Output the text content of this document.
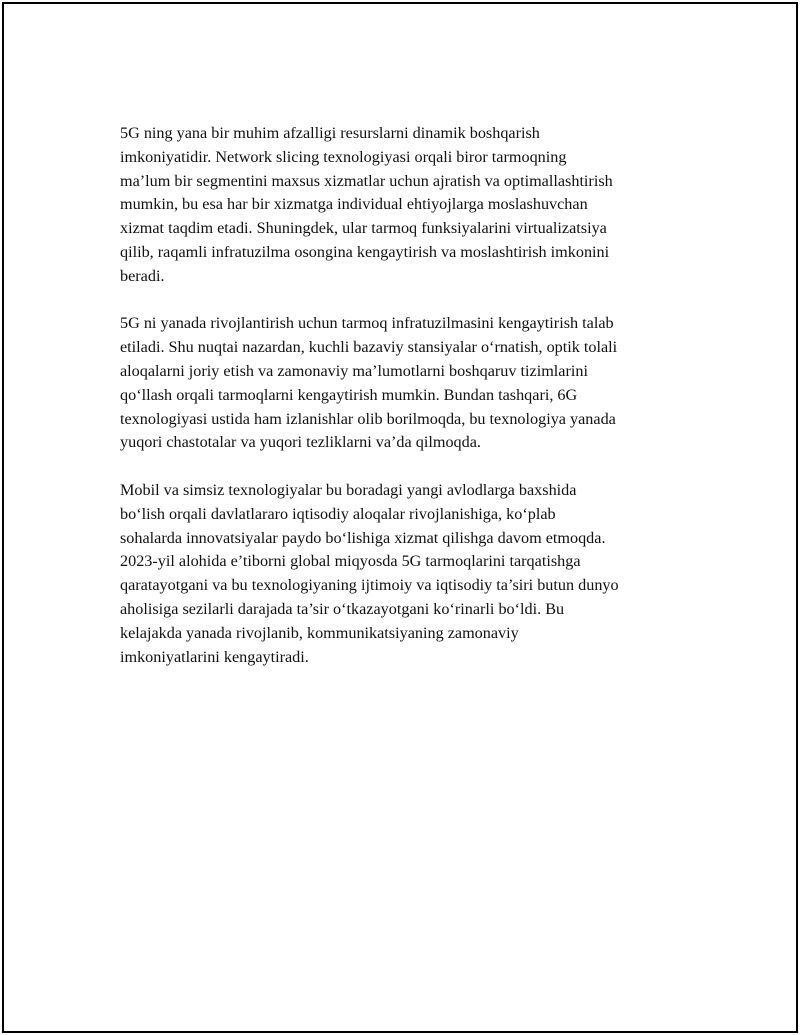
5G ning yana bir muhim afzalligi resurslarni dinamik boshqarish
imkoniyatidir. Network slicing texnologiyasi orqali biror tarmoqning
ma’lum bir segmentini maxsus xizmatlar uchun ajratish va optimallashtirish
mumkin, bu esa har bir xizmatga individual ehtiyojlarga moslashuvchan
xizmat taqdim etadi. Shuningdek, ular tarmoq funksiyalarini virtualizatsiya
qilib, raqamli infratuzilma osongina kengaytirish va moslashtirish imkonini
beradi.

5G ni yanada rivojlantirish uchun tarmoq infratuzilmasini kengaytirish talab
etiladi. Shu nuqtai nazardan, kuchli bazaviy stansiyalar o‘rnatish, optik tolali
aloqalarni joriy etish va zamonaviy ma’lumotlarni boshqaruv tizimlarini
qo‘llash orqali tarmoqlarni kengaytirish mumkin. Bundan tashqari, 6G
texnologiyasi ustida ham izlanishlar olib borilmoqda, bu texnologiya yanada
yuqori chastotalar va yuqori tezliklarni va’da qilmoqda.

Mobil va simsiz texnologiyalar bu boradagi yangi avlodlarga baxshida
bo‘lish orqali davlatlararo iqtisodiy aloqalar rivojlanishiga, ko‘plab
sohalarda innovatsiyalar paydo bo‘lishiga xizmat qilishga davom etmoqda.
2023-yil alohida e’tiborni global miqyosda 5G tarmoqlarini tarqatishga
qaratayotgani va bu texnologiyaning ijtimoiy va iqtisodiy ta’siri butun dunyo
aholisiga sezilarli darajada ta’sir o‘tkazayotgani ko‘rinarli bo‘ldi. Bu
kelajakda yanada rivojlanib, kommunikatsiyaning zamonaviy
imkoniyatlarini kengaytiradi.
